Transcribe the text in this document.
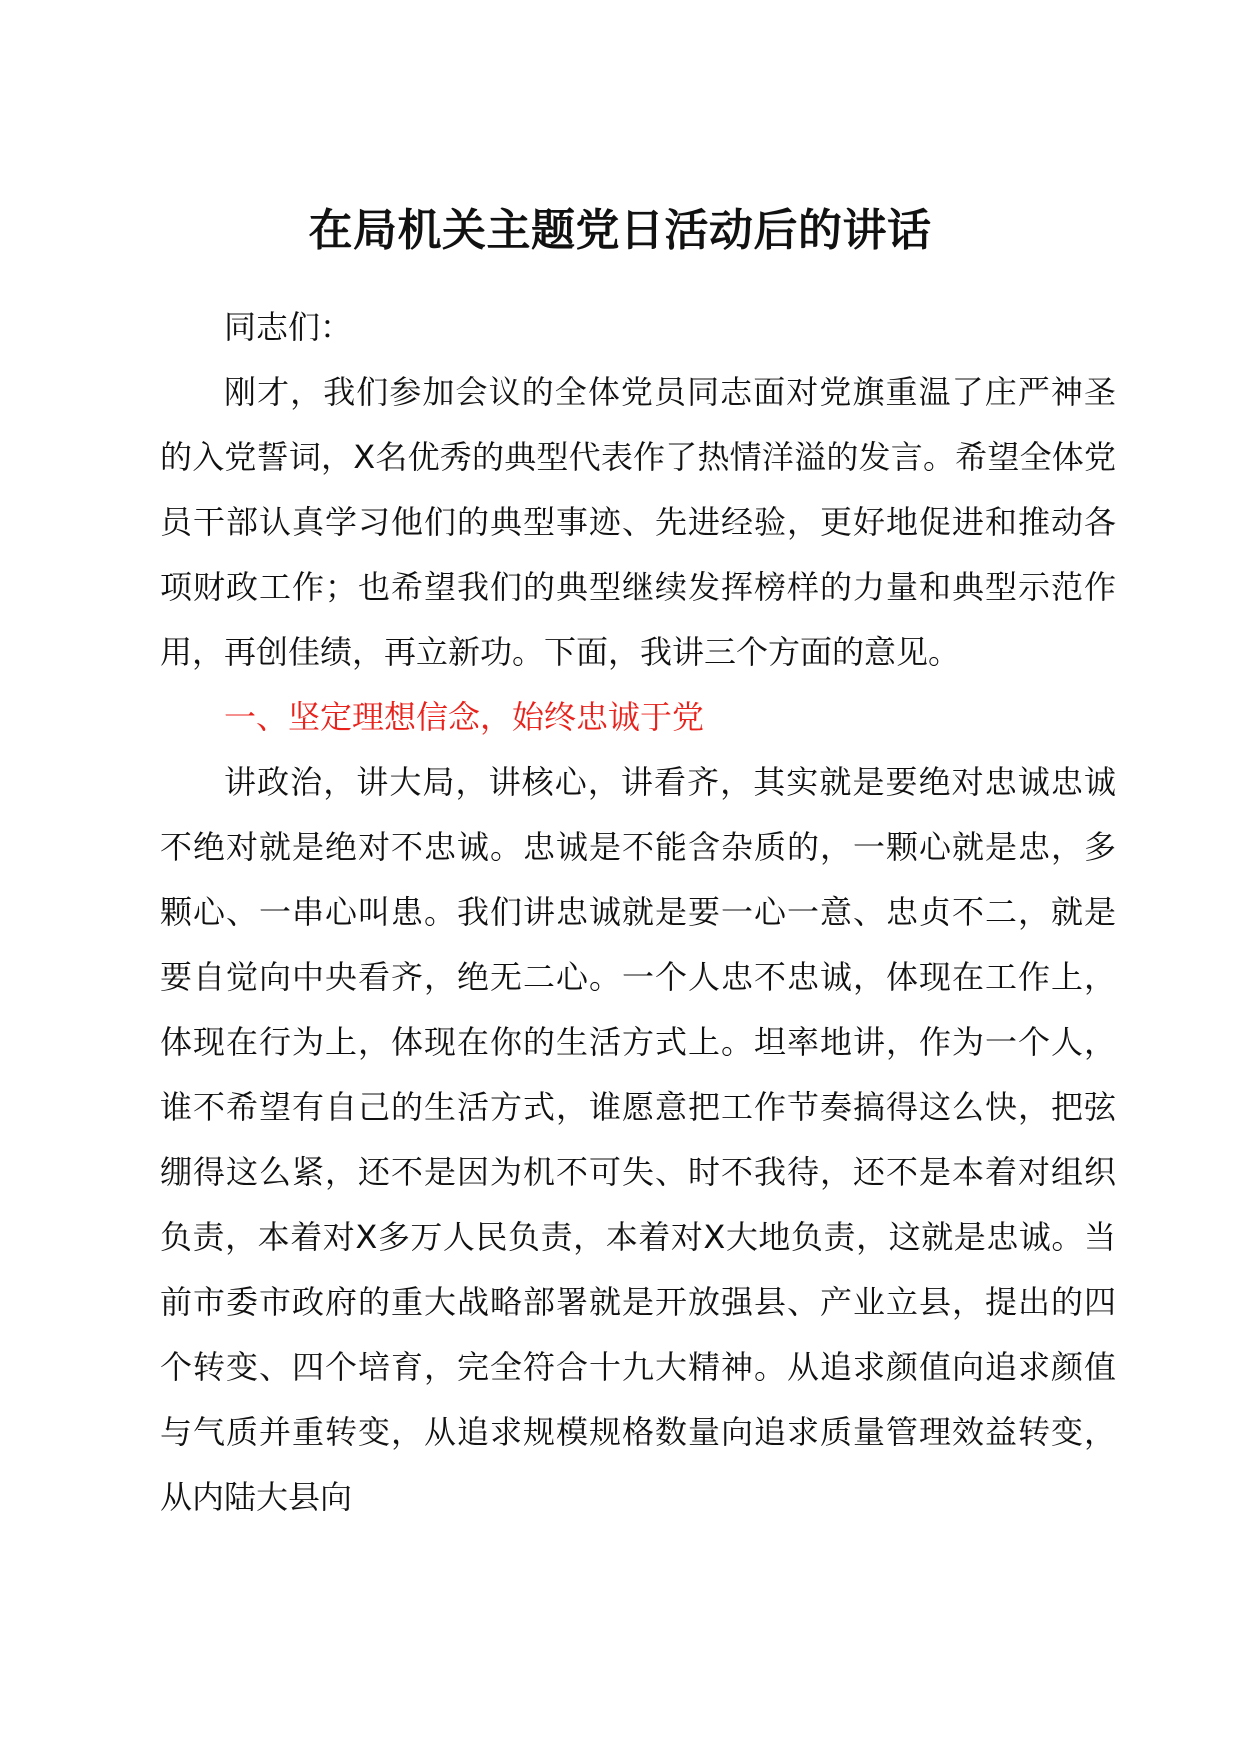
在局机关主题党日活动后的讲话

同志们：

刚才，我们参加会议的全体党员同志面对党旗重温了庄严神圣的入党誓词，X名优秀的典型代表作了热情洋溢的发言。希望全体党员干部认真学习他们的典型事迹、先进经验，更好地促进和推动各项财政工作；也希望我们的典型继续发挥榜样的力量和典型示范作用，再创佳绩，再立新功。下面，我讲三个方面的意见。

一、坚定理想信念，始终忠诚于党

讲政治，讲大局，讲核心，讲看齐，其实就是要绝对忠诚忠诚不绝对就是绝对不忠诚。忠诚是不能含杂质的，一颗心就是忠，多颗心、一串心叫患。我们讲忠诚就是要一心一意、忠贞不二，就是要自觉向中央看齐，绝无二心。一个人忠不忠诚，体现在工作上，体现在行为上，体现在你的生活方式上。坦率地讲，作为一个人，谁不希望有自己的生活方式，谁愿意把工作节奏搞得这么快，把弦绷得这么紧，还不是因为机不可失、时不我待，还不是本着对组织负责，本着对X多万人民负责，本着对X大地负责，这就是忠诚。当前市委市政府的重大战略部署就是开放强县、产业立县，提出的四个转变、四个培育，完全符合十九大精神。从追求颜值向追求颜值与气质并重转变，从追求规模规格数量向追求质量管理效益转变，从内陆大县向
